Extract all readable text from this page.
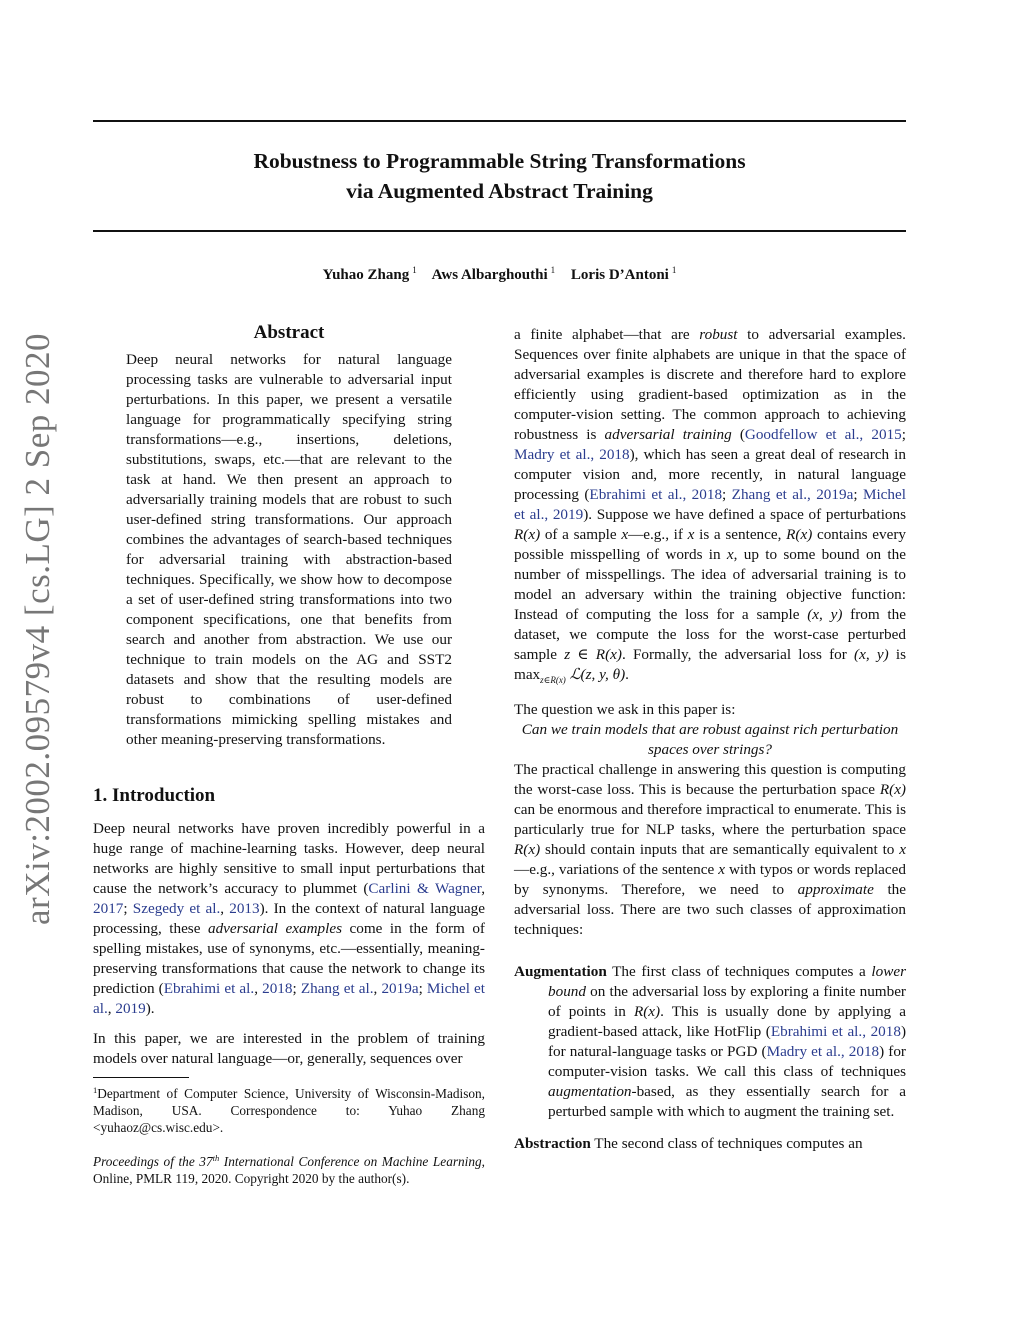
arXiv:2002.09579v4 [cs.LG] 2 Sep 2020
Robustness to Programmable String Transformations
via Augmented Abstract Training
Yuhao Zhang $^1$ Aws Albarghouthi $^1$ Loris D’Antoni $^1$
Abstract

Deep neural networks for natural language processing tasks are vulnerable to adversarial input perturbations. In this paper, we present a versatile language for programmatically specifying string transformations—e.g., insertions, deletions, substitutions, swaps, etc.—that are relevant to the task at hand. We then present an approach to adversarially training models that are robust to such user-defined string transformations. Our approach combines the advantages of search-based techniques for adversarial training with abstraction-based techniques. Specifically, we show how to decompose a set of user-defined string transformations into two component specifications, one that benefits from search and another from abstraction. We use our technique to train models on the AG and SST2 datasets and show that the resulting models are robust to combinations of user-defined transformations mimicking spelling mistakes and other meaning-preserving transformations.

1. Introduction

Deep neural networks have proven incredibly powerful in a huge range of machine-learning tasks. However, deep neural networks are highly sensitive to small input perturbations that cause the network’s accuracy to plummet (Carlini & Wagner, 2017; Szegedy et al., 2013). In the context of natural language processing, these adversarial examples come in the form of spelling mistakes, use of synonyms, etc.—essentially, meaning-preserving transformations that cause the network to change its prediction (Ebrahimi et al., 2018; Zhang et al., 2019a; Michel et al., 2019).

In this paper, we are interested in the problem of training models over natural language—or, generally, sequences over

$^1$Department of Computer Science, University of Wisconsin-Madison, Madison, USA. Correspondence to: Yuhao Zhang <yuhaoz@cs.wisc.edu>.
Proceedings of the 37th International Conference on Machine Learning, Online, PMLR 119, 2020. Copyright 2020 by the author(s).

a finite alphabet—that are robust to adversarial examples. Sequences over finite alphabets are unique in that the space of adversarial examples is discrete and therefore hard to explore efficiently using gradient-based optimization as in the computer-vision setting. The common approach to achieving robustness is adversarial training (Goodfellow et al., 2015; Madry et al., 2018), which has seen a great deal of research in computer vision and, more recently, in natural language processing (Ebrahimi et al., 2018; Zhang et al., 2019a; Michel et al., 2019). Suppose we have defined a space of perturbations R(x) of a sample x—e.g., if x is a sentence, R(x) contains every possible misspelling of words in x, up to some bound on the number of misspellings. The idea of adversarial training is to model an adversary within the training objective function: Instead of computing the loss for a sample (x, y) from the dataset, we compute the loss for the worst-case perturbed sample z ∈ R(x). Formally, the adversarial loss for (x, y) is $\max_{z\in R(x)}$ ℒ(z, y, θ).

The question we ask in this paper is:

Can we train models that are robust against rich perturbation spaces over strings?

The practical challenge in answering this question is computing the worst-case loss. This is because the perturbation space R(x) can be enormous and therefore impractical to enumerate. This is particularly true for NLP tasks, where the perturbation space R(x) should contain inputs that are semantically equivalent to x—e.g., variations of the sentence x with typos or words replaced by synonyms. Therefore, we need to approximate the adversarial loss. There are two such classes of approximation techniques:

Augmentation The first class of techniques computes a lower bound on the adversarial loss by exploring a finite number of points in R(x). This is usually done by applying a gradient-based attack, like HotFlip (Ebrahimi et al., 2018) for natural-language tasks or PGD (Madry et al., 2018) for computer-vision tasks. We call this class of techniques augmentation-based, as they essentially search for a perturbed sample with which to augment the training set.

Abstraction The second class of techniques computes an
